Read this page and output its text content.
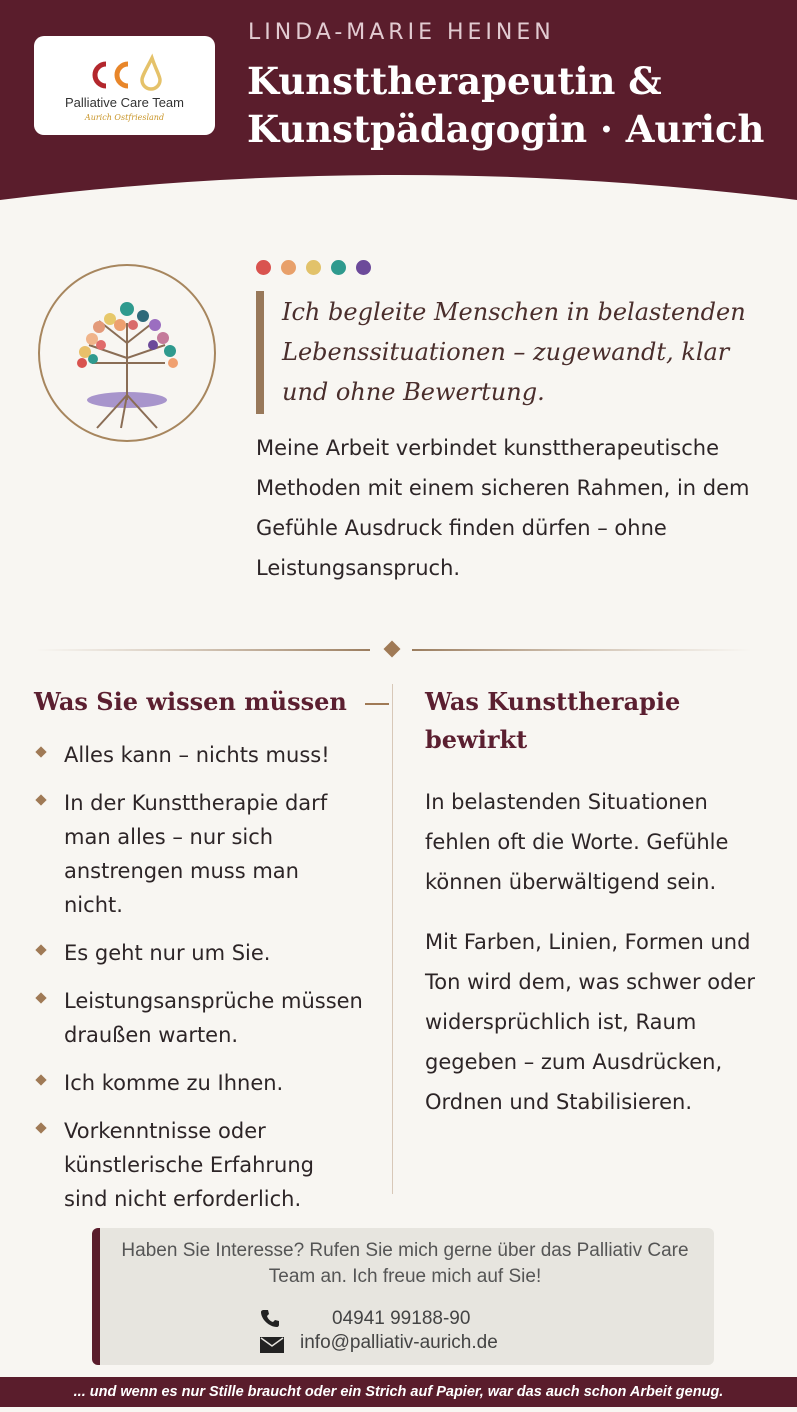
Palliative Care Team
Aurich Ostfriesland
LINDA-MARIE HEINEN
Kunsttherapeutin &
Kunstpädagogin · Aurich

Ich begleite Menschen in belastenden Lebenssituationen – zugewandt, klar und ohne Bewertung.

Meine Arbeit verbindet kunsttherapeutische Methoden mit einem sicheren Rahmen, in dem Gefühle Ausdruck finden dürfen – ohne Leistungsanspruch.

Was Sie wissen müssen
Alles kann – nichts muss!
In der Kunsttherapie darf man alles – nur sich anstrengen muss man nicht.
Es geht nur um Sie.
Leistungsansprüche müssen draußen warten.
Ich komme zu Ihnen.
Vorkenntnisse oder künstlerische Erfahrung sind nicht erforderlich.
Was Kunsttherapie bewirkt

In belastenden Situationen fehlen oft die Worte. Gefühle können überwältigend sein.

Mit Farben, Linien, Formen und Ton wird dem, was schwer oder widersprüchlich ist, Raum gegeben – zum Ausdrücken, Ordnen und Stabilisieren.

Haben Sie Interesse? Rufen Sie mich gerne über das Palliativ Care Team an. Ich freue mich auf Sie!

04941 99188-90
info@palliativ-aurich.de
... und wenn es nur Stille braucht oder ein Strich auf Papier, war das auch schon Arbeit genug.
